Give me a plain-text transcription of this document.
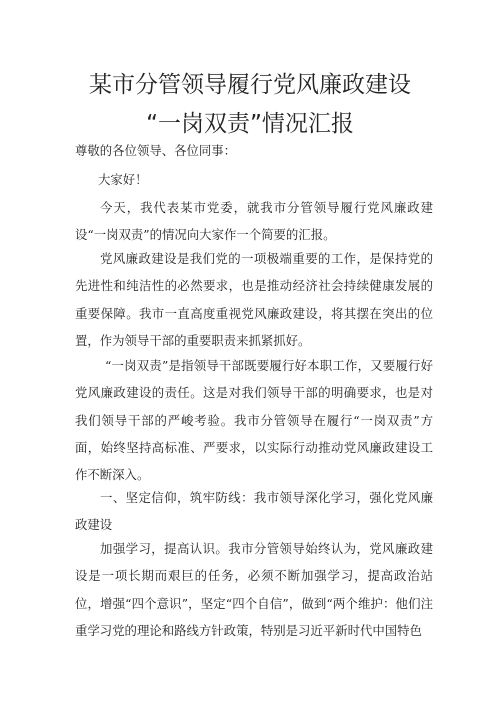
某市分管领导履行党风廉政建设
“一岗双责”情况汇报
尊敬的各位领导、各位同事：
大家好！

今天，我代表某市党委，就我市分管领导履行党风廉政建设“一岗双责”的情况向大家作一个简要的汇报。

党风廉政建设是我们党的一项极端重要的工作，是保持党的先进性和纯洁性的必然要求，也是推动经济社会持续健康发展的重要保障。我市一直高度重视党风廉政建设，将其摆在突出的位置，作为领导干部的重要职责来抓紧抓好。

“一岗双责”是指领导干部既要履行好本职工作，又要履行好党风廉政建设的责任。这是对我们领导干部的明确要求，也是对我们领导干部的严峻考验。我市分管领导在履行“一岗双责”方面，始终坚持高标准、严要求，以实际行动推动党风廉政建设工作不断深入。

一、坚定信仰，筑牢防线：我市领导深化学习，强化党风廉政建设

加强学习，提高认识。我市分管领导始终认为，党风廉政建设是一项长期而艰巨的任务，必须不断加强学习，提高政治站位，增强“四个意识”，坚定“四个自信”，做到“两个维护：他们注重学习党的理论和路线方针政策，特别是习近平新时代中国特色
